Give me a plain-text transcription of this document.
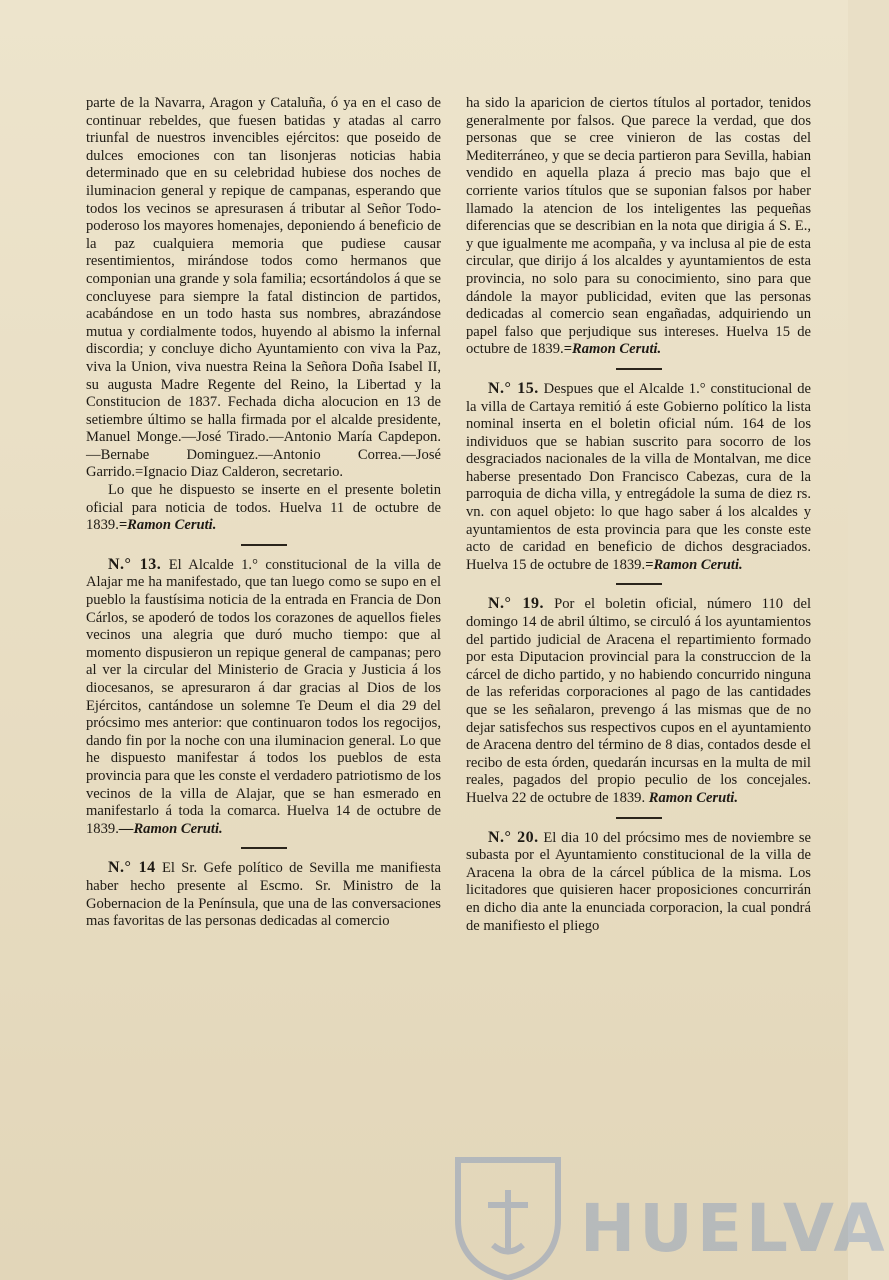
parte de la Navarra, Aragon y Cataluña, ó ya en el caso de continuar rebeldes, que fuesen batidas y atadas al carro triunfal de nuestros invencibles ejércitos: que poseido de dulces emociones con tan lisonjeras noticias habia determinado que en su celebridad hubiese dos noches de iluminacion general y repique de campanas, esperando que todos los vecinos se apresurasen á tributar al Señor Todo-poderoso los mayores homenajes, deponiendo á beneficio de la paz cualquiera memoria que pudiese causar resentimientos, mirándose todos como hermanos que componian una grande y sola familia; ecsortándolos á que se concluyese para siempre la fatal distincion de partidos, acabándose en un todo hasta sus nombres, abrazándose mutua y cordialmente todos, huyendo al abismo la infernal discordia; y concluye dicho Ayuntamiento con viva la Paz, viva la Union, viva nuestra Reina la Señora Doña Isabel II, su augusta Madre Regente del Reino, la Libertad y la Constitucion de 1837. Fechada dicha alocucion en 13 de setiembre último se halla firmada por el alcalde presidente, Manuel Monge.—José Tirado.—Antonio María Capdepon.—Bernabe Dominguez.—Antonio Correa.—José Garrido.=Ignacio Diaz Calderon, secretario.

Lo que he dispuesto se inserte en el presente boletin oficial para noticia de todos. Huelva 11 de octubre de 1839.=Ramon Ceruti.

N.° 13. El Alcalde 1.° constitucional de la villa de Alajar me ha manifestado, que tan luego como se supo en el pueblo la faustísima noticia de la entrada en Francia de Don Cárlos, se apoderó de todos los corazones de aquellos fieles vecinos una alegria que duró mucho tiempo: que al momento dispusieron un repique general de campanas; pero al ver la circular del Ministerio de Gracia y Justicia á los diocesanos, se apresuraron á dar gracias al Dios de los Ejércitos, cantándose un solemne Te Deum el dia 29 del prócsimo mes anterior: que continuaron todos los regocijos, dando fin por la noche con una iluminacion general. Lo que he dispuesto manifestar á todos los pueblos de esta provincia para que les conste el verdadero patriotismo de los vecinos de la villa de Alajar, que se han esmerado en manifestarlo á toda la comarca. Huelva 14 de octubre de 1839.—Ramon Ceruti.

N.° 14 El Sr. Gefe político de Sevilla me manifiesta haber hecho presente al Escmo. Sr. Ministro de la Gobernacion de la Península, que una de las conversaciones mas favoritas de las personas dedicadas al comercio

ha sido la aparicion de ciertos títulos al portador, tenidos generalmente por falsos. Que parece la verdad, que dos personas que se cree vinieron de las costas del Mediterráneo, y que se decia partieron para Sevilla, habian vendido en aquella plaza á precio mas bajo que el corriente varios títulos que se suponian falsos por haber llamado la atencion de los inteligentes las pequeñas diferencias que se describian en la nota que dirigia á S. E., y que igualmente me acompaña, y va inclusa al pie de esta circular, que dirijo á los alcaldes y ayuntamientos de esta provincia, no solo para su conocimiento, sino para que dándole la mayor publicidad, eviten que las personas dedicadas al comercio sean engañadas, adquiriendo un papel falso que perjudique sus intereses. Huelva 15 de octubre de 1839.=Ramon Ceruti.

N.° 15. Despues que el Alcalde 1.° constitucional de la villa de Cartaya remitió á este Gobierno político la lista nominal inserta en el boletin oficial núm. 164 de los individuos que se habian suscrito para socorro de los desgraciados nacionales de la villa de Montalvan, me dice haberse presentado Don Francisco Cabezas, cura de la parroquia de dicha villa, y entregádole la suma de diez rs. vn. con aquel objeto: lo que hago saber á los alcaldes y ayuntamientos de esta provincia para que les conste este acto de caridad en beneficio de dichos desgraciados. Huelva 15 de octubre de 1839.=Ramon Ceruti.

N.° 19. Por el boletin oficial, número 110 del domingo 14 de abril último, se circuló á los ayuntamientos del partido judicial de Aracena el repartimiento formado por esta Diputacion provincial para la construccion de la cárcel de dicho partido, y no habiendo concurrido ninguna de las referidas corporaciones al pago de las cantidades que se les señalaron, prevengo á las mismas que de no dejar satisfechos sus respectivos cupos en el ayuntamiento de Aracena dentro del término de 8 dias, contados desde el recibo de esta órden, quedarán incursas en la multa de mil reales, pagados del propio peculio de los concejales. Huelva 22 de octubre de 1839. Ramon Ceruti.

N.° 20. El dia 10 del prócsimo mes de noviembre se subasta por el Ayuntamiento constitucional de la villa de Aracena la obra de la cárcel pública de la misma. Los licitadores que quisieren hacer proposiciones concurrirán en dicho dia ante la enunciada corporacion, la cual pondrá de manifiesto el pliego

HUELVA
